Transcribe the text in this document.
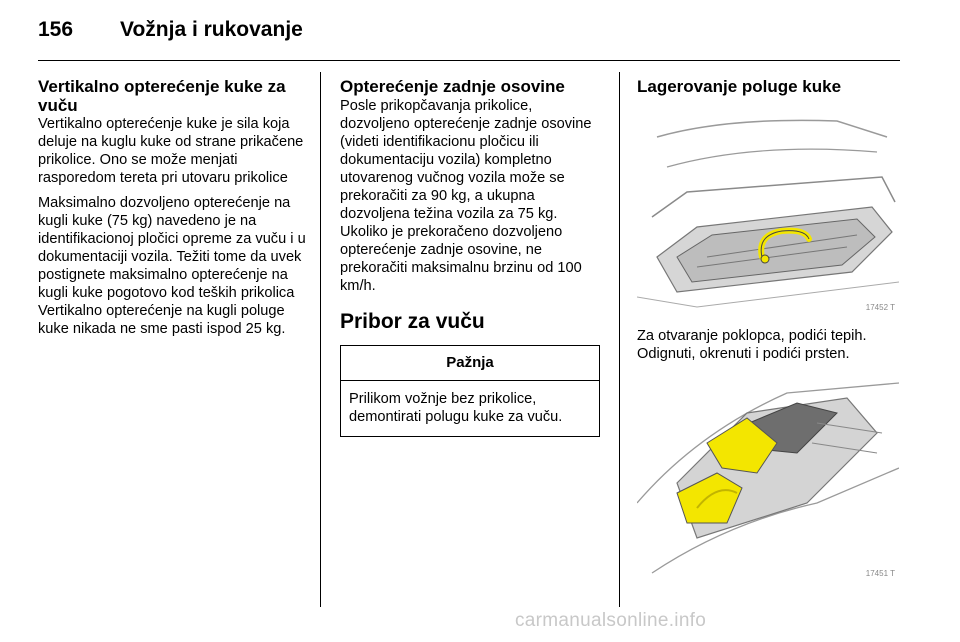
156 Vožnja i rukovanje
Vertikalno opterećenje kuke za vuču

Vertikalno opterećenje kuke je sila koja deluje na kuglu kuke od strane prikačene prikolice. Ono se može menjati rasporedom tereta pri utovaru prikolice

Maksimalno dozvoljeno opterećenje na kugli kuke (75 kg) navedeno je na identifikacionoj pločici opreme za vuču i u dokumentaciji vozila. Težiti tome da uvek postignete maksimalno opterećenje na kugli kuke pogotovo kod teških prikolica Vertikalno opterećenje na kugli poluge kuke nikada ne sme pasti ispod 25 kg.

Opterećenje zadnje osovine

Posle prikopčavanja prikolice, dozvoljeno opterećenje zadnje osovine (videti identifikacionu pločicu ili dokumentaciju vozila) kompletno utovarenog vučnog vozila može se prekoračiti za 90 kg, a ukupna dozvoljena težina vozila za 75 kg. Ukoliko je prekoračeno dozvoljeno opterećenje zadnje osovine, ne prekoračiti maksimalnu brzinu od 100 km/h.

Pribor za vuču
Pažnja
Prilikom vožnje bez prikolice, demontirati polugu kuke za vuču.
Lagerovanje poluge kuke
17452 T

Za otvaranje poklopca, podići tepih. Odignuti, okrenuti i podići prsten.

17451 T
carmanualsonline.info
